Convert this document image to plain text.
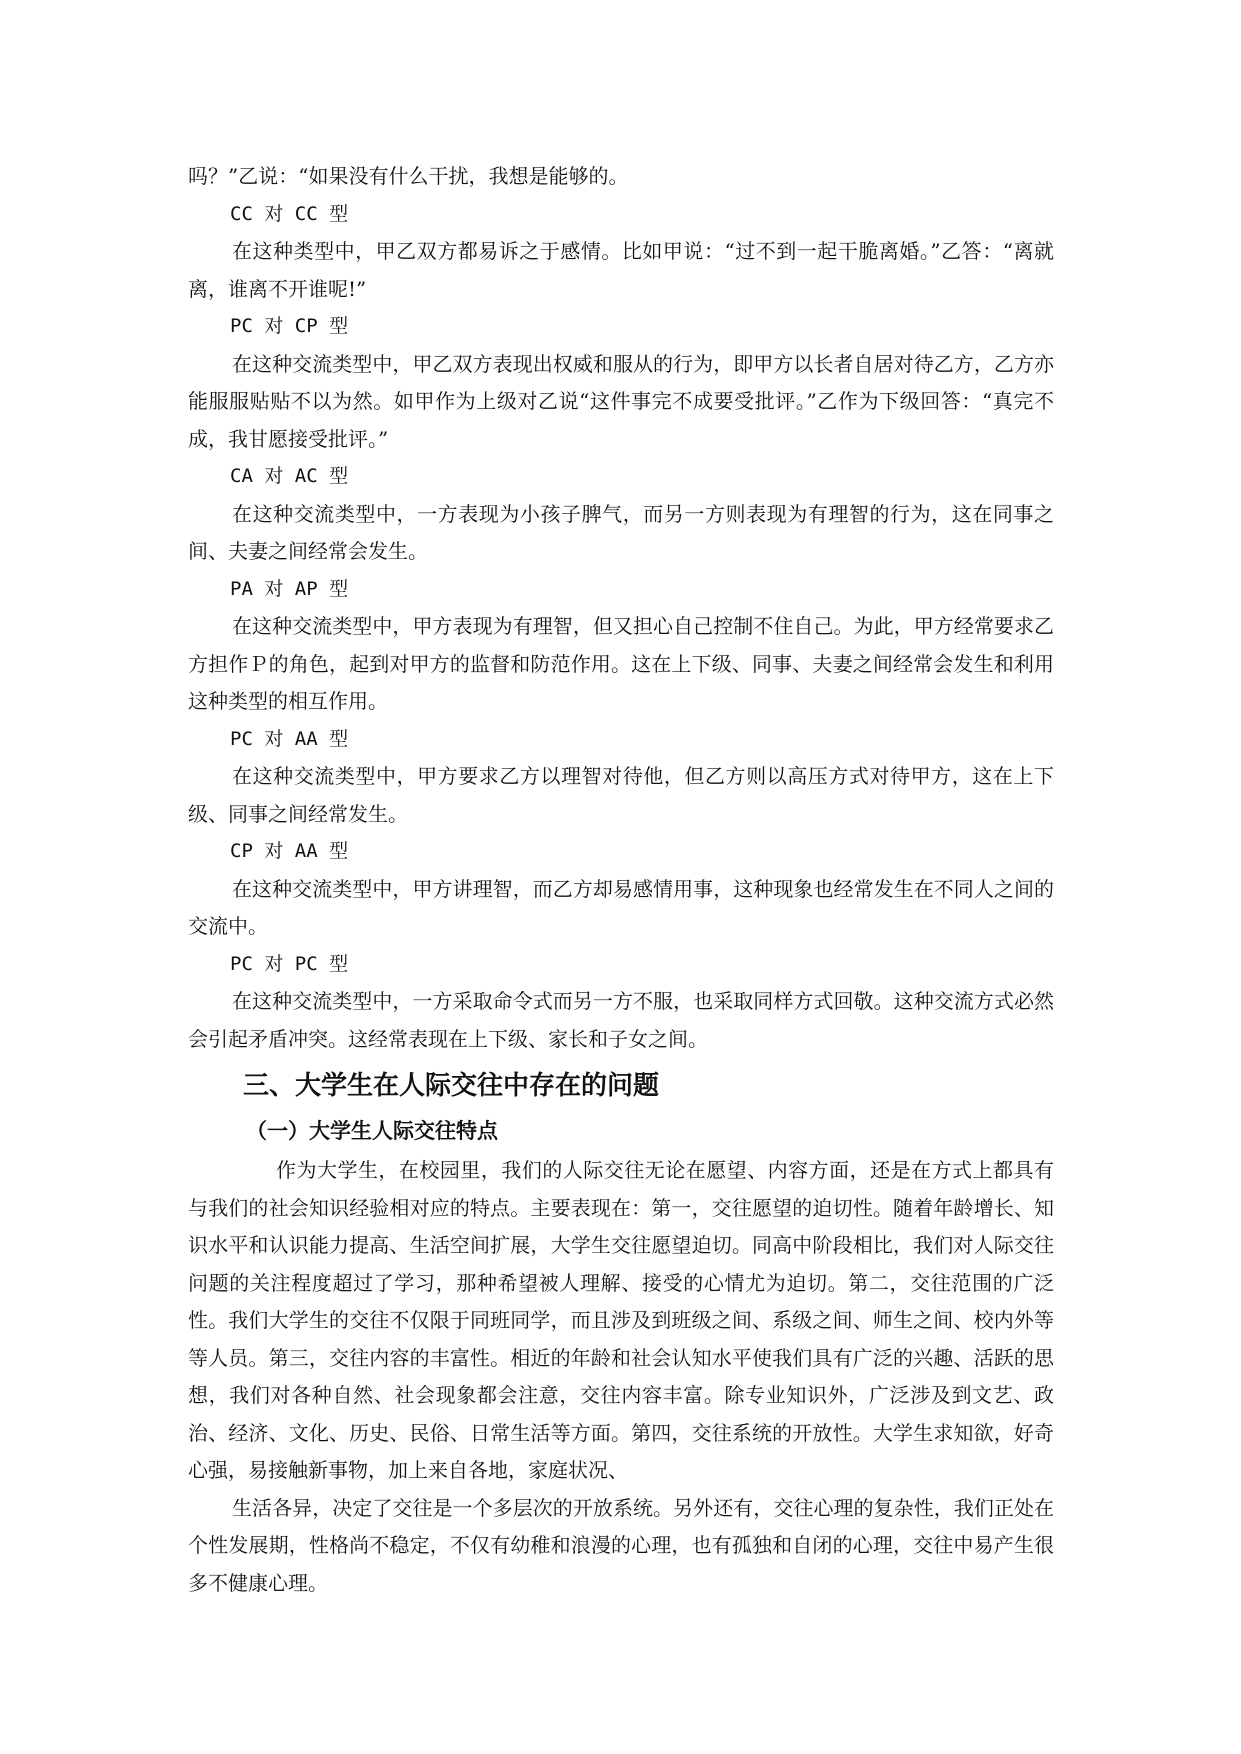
吗？”乙说：“如果没有什么干扰，我想是能够的。

CC 对 CC 型

在这种类型中，甲乙双方都易诉之于感情。比如甲说：“过不到一起干脆离婚。”乙答：“离就离，谁离不开谁呢!”

PC 对 CP 型

在这种交流类型中，甲乙双方表现出权威和服从的行为，即甲方以长者自居对待乙方，乙方亦能服服贴贴不以为然。如甲作为上级对乙说“这件事完不成要受批评。”乙作为下级回答：“真完不成，我甘愿接受批评。”

CA 对 AC 型

在这种交流类型中，一方表现为小孩子脾气，而另一方则表现为有理智的行为，这在同事之间、夫妻之间经常会发生。

PA 对 AP 型

在这种交流类型中，甲方表现为有理智，但又担心自己控制不住自己。为此，甲方经常要求乙方担作Ｐ的角色，起到对甲方的监督和防范作用。这在上下级、同事、夫妻之间经常会发生和利用这种类型的相互作用。

PC 对 AA 型

在这种交流类型中，甲方要求乙方以理智对待他，但乙方则以高压方式对待甲方，这在上下级、同事之间经常发生。

CP 对 AA 型

在这种交流类型中，甲方讲理智，而乙方却易感情用事，这种现象也经常发生在不同人之间的交流中。

PC 对 PC 型

在这种交流类型中，一方采取命令式而另一方不服，也采取同样方式回敬。这种交流方式必然会引起矛盾冲突。这经常表现在上下级、家长和子女之间。

三、大学生在人际交往中存在的问题
（一）大学生人际交往特点

作为大学生，在校园里，我们的人际交往无论在愿望、内容方面，还是在方式上都具有与我们的社会知识经验相对应的特点。主要表现在：第一，交往愿望的迫切性。随着年龄增长、知识水平和认识能力提高、生活空间扩展，大学生交往愿望迫切。同高中阶段相比，我们对人际交往问题的关注程度超过了学习，那种希望被人理解、接受的心情尤为迫切。第二，交往范围的广泛性。我们大学生的交往不仅限于同班同学，而且涉及到班级之间、系级之间、师生之间、校内外等等人员。第三，交往内容的丰富性。相近的年龄和社会认知水平使我们具有广泛的兴趣、活跃的思想，我们对各种自然、社会现象都会注意，交往内容丰富。除专业知识外，广泛涉及到文艺、政治、经济、文化、历史、民俗、日常生活等方面。第四，交往系统的开放性。大学生求知欲，好奇心强，易接触新事物，加上来自各地，家庭状况、

生活各异，决定了交往是一个多层次的开放系统。另外还有，交往心理的复杂性，我们正处在个性发展期，性格尚不稳定，不仅有幼稚和浪漫的心理，也有孤独和自闭的心理，交往中易产生很多不健康心理。
